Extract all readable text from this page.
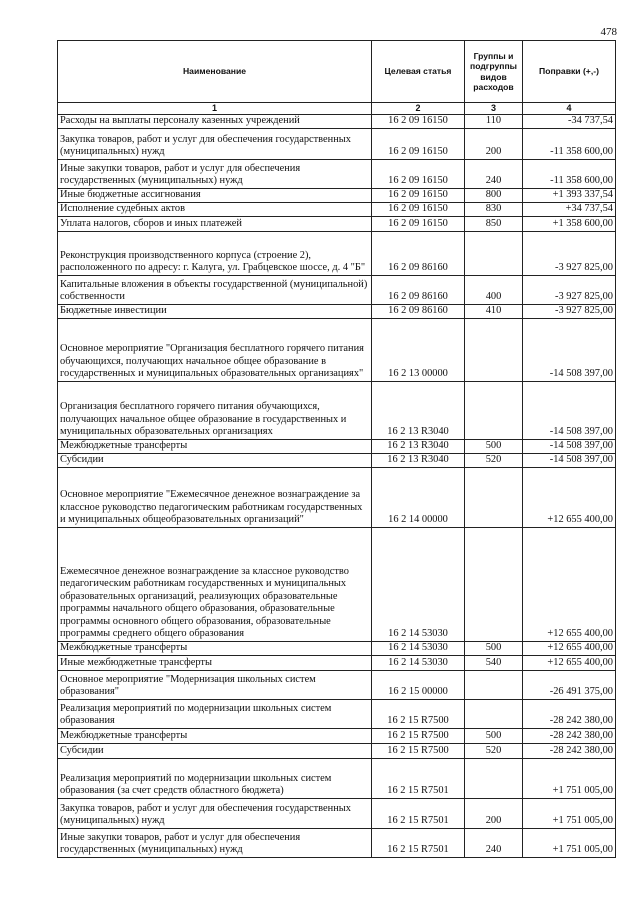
478
Наименование	Целевая статья	Группы и подгруппы видов расходов	Поправки (+,-)
1	2	3	4
Расходы на выплаты персоналу казенных учреждений	16 2 09 16150	110	-34 737,54
Закупка товаров, работ и услуг для обеспечения государственных (муниципальных) нужд	16 2 09 16150	200	-11 358 600,00
Иные закупки товаров, работ и услуг для обеспечения государственных (муниципальных) нужд	16 2 09 16150	240	-11 358 600,00
Иные бюджетные ассигнования	16 2 09 16150	800	+1 393 337,54
Исполнение судебных актов	16 2 09 16150	830	+34 737,54
Уплата налогов, сборов и иных платежей	16 2 09 16150	850	+1 358 600,00
Реконструкция производственного корпуса (строение 2), расположенного по адресу: г. Калуга, ул. Грабцевское шоссе, д. 4 "Б"	16 2 09 86160		-3 927 825,00
Капитальные вложения в объекты государственной (муниципальной) собственности	16 2 09 86160	400	-3 927 825,00
Бюджетные инвестиции	16 2 09 86160	410	-3 927 825,00
Основное мероприятие "Организация бесплатного горячего питания обучающихся, получающих начальное общее образование в государственных и муниципальных образовательных организациях"	16 2 13 00000		-14 508 397,00
Организация бесплатного горячего питания обучающихся, получающих начальное общее образование в государственных и муниципальных образовательных организациях	16 2 13 R3040		-14 508 397,00
Межбюджетные трансферты	16 2 13 R3040	500	-14 508 397,00
Субсидии	16 2 13 R3040	520	-14 508 397,00
Основное мероприятие "Ежемесячное денежное вознаграждение за классное руководство педагогическим работникам государственных и муниципальных общеобразовательных организаций"	16 2 14 00000		+12 655 400,00
Ежемесячное денежное вознаграждение за классное руководство педагогическим работникам государственных и муниципальных образовательных организаций, реализующих образовательные программы начального общего образования, образовательные программы основного общего образования, образовательные программы среднего общего образования	16 2 14 53030		+12 655 400,00
Межбюджетные трансферты	16 2 14 53030	500	+12 655 400,00
Иные межбюджетные трансферты	16 2 14 53030	540	+12 655 400,00
Основное мероприятие "Модернизация школьных систем образования"	16 2 15 00000		-26 491 375,00
Реализация мероприятий по модернизации школьных систем образования	16 2 15 R7500		-28 242 380,00
Межбюджетные трансферты	16 2 15 R7500	500	-28 242 380,00
Субсидии	16 2 15 R7500	520	-28 242 380,00
Реализация мероприятий по модернизации школьных систем образования (за счет средств областного бюджета)	16 2 15 R7501		+1 751 005,00
Закупка товаров, работ и услуг для обеспечения государственных (муниципальных) нужд	16 2 15 R7501	200	+1 751 005,00
Иные закупки товаров, работ и услуг для обеспечения государственных (муниципальных) нужд	16 2 15 R7501	240	+1 751 005,00
